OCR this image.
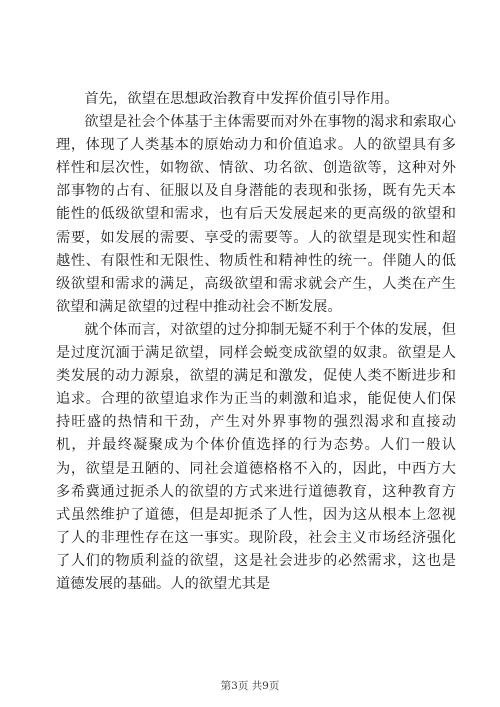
首先，欲望在思想政治教育中发挥价值引导作用。

欲望是社会个体基于主体需要而对外在事物的渴求和索取心理，体现了人类基本的原始动力和价值追求。人的欲望具有多样性和层次性，如物欲、情欲、功名欲、创造欲等，这种对外部事物的占有、征服以及自身潜能的表现和张扬，既有先天本能性的低级欲望和需求，也有后天发展起来的更高级的欲望和需要，如发展的需要、享受的需要等。人的欲望是现实性和超越性、有限性和无限性、物质性和精神性的统一。伴随人的低级欲望和需求的满足，高级欲望和需求就会产生，人类在产生欲望和满足欲望的过程中推动社会不断发展。

就个体而言，对欲望的过分抑制无疑不利于个体的发展，但是过度沉湎于满足欲望，同样会蜕变成欲望的奴隶。欲望是人类发展的动力源泉，欲望的满足和激发，促使人类不断进步和追求。合理的欲望追求作为正当的刺激和追求，能促使人们保持旺盛的热情和干劲，产生对外界事物的强烈渴求和直接动机，并最终凝聚成为个体价值选择的行为态势。人们一般认为，欲望是丑陋的、同社会道德格格不入的，因此，中西方大多希冀通过扼杀人的欲望的方式来进行道德教育，这种教育方式虽然维护了道德，但是却扼杀了人性，因为这从根本上忽视了人的非理性存在这一事实。现阶段，社会主义市场经济强化了人们的物质利益的欲望，这是社会进步的必然需求，这也是道德发展的基础。人的欲望尤其是

第3页 共9页
